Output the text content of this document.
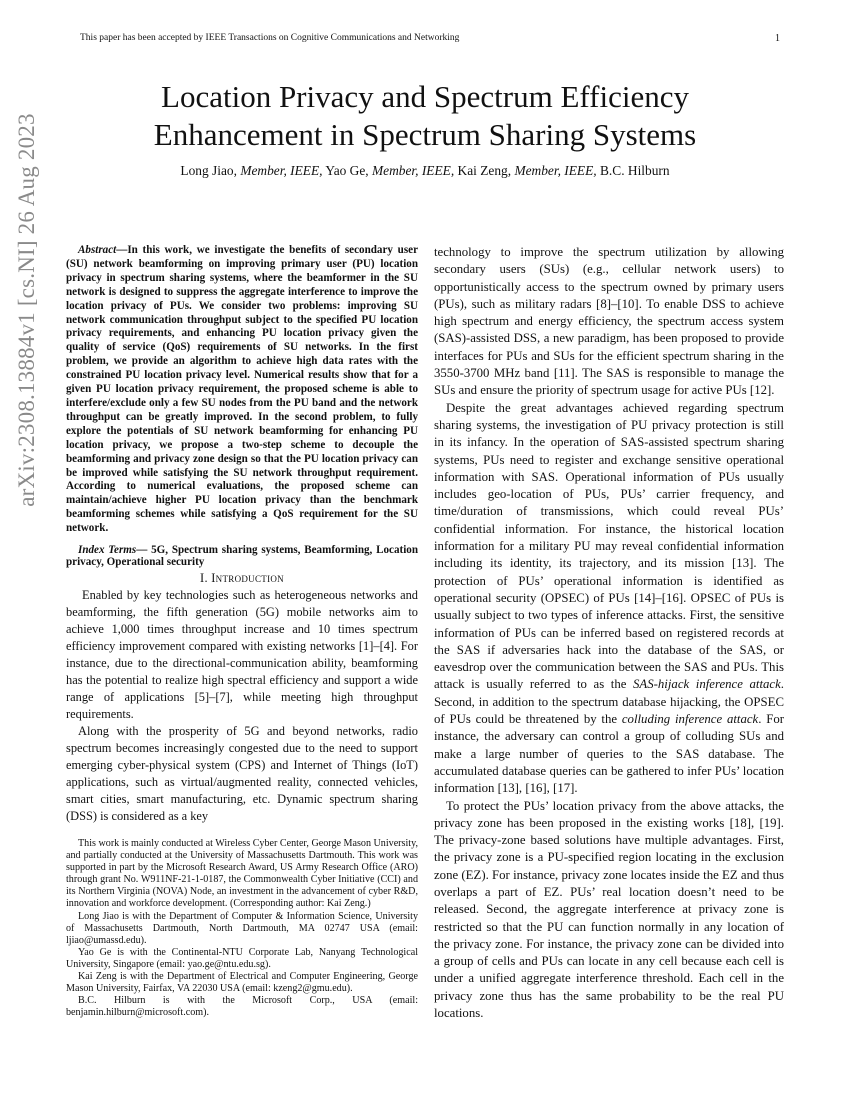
This paper has been accepted by IEEE Transactions on Cognitive Communications and Networking	1
arXiv:2308.13884v1 [cs.NI] 26 Aug 2023
Location Privacy and Spectrum Efficiency
Enhancement in Spectrum Sharing Systems
Long Jiao, Member, IEEE, Yao Ge, Member, IEEE, Kai Zeng, Member, IEEE, B.C. Hilburn

Abstract—In this work, we investigate the benefits of secondary user (SU) network beamforming on improving primary user (PU) location privacy in spectrum sharing systems, where the beamformer in the SU network is designed to suppress the aggregate interference to improve the location privacy of PUs. We consider two problems: improving SU network communication throughput subject to the specified PU location privacy requirements, and enhancing PU location privacy given the quality of service (QoS) requirements of SU networks. In the first problem, we provide an algorithm to achieve high data rates with the constrained PU location privacy level. Numerical results show that for a given PU location privacy requirement, the proposed scheme is able to interfere/exclude only a few SU nodes from the PU band and the network throughput can be greatly improved. In the second problem, to fully explore the potentials of SU network beamforming for enhancing PU location privacy, we propose a two-step scheme to decouple the beamforming and privacy zone design so that the PU location privacy can be improved while satisfying the SU network throughput requirement. According to numerical evaluations, the proposed scheme can maintain/achieve higher PU location privacy than the benchmark beamforming schemes while satisfying a QoS requirement for the SU network.

Index Terms— 5G, Spectrum sharing systems, Beamforming, Location privacy, Operational security

I. Introduction

Enabled by key technologies such as heterogeneous networks and beamforming, the fifth generation (5G) mobile networks aim to achieve 1,000 times throughput increase and 10 times spectrum efficiency improvement compared with existing networks [1]–[4]. For instance, due to the directional-communication ability, beamforming has the potential to realize high spectral efficiency and support a wide range of applications [5]–[7], while meeting high throughput requirements.

Along with the prosperity of 5G and beyond networks, radio spectrum becomes increasingly congested due to the need to support emerging cyber-physical system (CPS) and Internet of Things (IoT) applications, such as virtual/augmented reality, connected vehicles, smart cities, smart manufacturing, etc. Dynamic spectrum sharing (DSS) is considered as a key

This work is mainly conducted at Wireless Cyber Center, George Mason University, and partially conducted at the University of Massachusetts Dartmouth. This work was supported in part by the Microsoft Research Award, US Army Research Office (ARO) through grant No. W911NF-21-1-0187, the Commonwealth Cyber Initiative (CCI) and its Northern Virginia (NOVA) Node, an investment in the advancement of cyber R&D, innovation and workforce development. (Corresponding author: Kai Zeng.)

Long Jiao is with the Department of Computer & Information Science, University of Massachusetts Dartmouth, North Dartmouth, MA 02747 USA (email: ljiao@umassd.edu).

Yao Ge is with the Continental-NTU Corporate Lab, Nanyang Technological University, Singapore (email: yao.ge@ntu.edu.sg).

Kai Zeng is with the Department of Electrical and Computer Engineering, George Mason University, Fairfax, VA 22030 USA (email: kzeng2@gmu.edu).

B.C. Hilburn is with the Microsoft Corp., USA (email: benjamin.hilburn@microsoft.com).

technology to improve the spectrum utilization by allowing secondary users (SUs) (e.g., cellular network users) to opportunistically access to the spectrum owned by primary users (PUs), such as military radars [8]–[10]. To enable DSS to achieve high spectrum and energy efficiency, the spectrum access system (SAS)-assisted DSS, a new paradigm, has been proposed to provide interfaces for PUs and SUs for the efficient spectrum sharing in the 3550-3700 MHz band [11]. The SAS is responsible to manage the SUs and ensure the priority of spectrum usage for active PUs [12].

Despite the great advantages achieved regarding spectrum sharing systems, the investigation of PU privacy protection is still in its infancy. In the operation of SAS-assisted spectrum sharing systems, PUs need to register and exchange sensitive operational information with SAS. Operational information of PUs usually includes geo-location of PUs, PUs’ carrier frequency, and time/duration of transmissions, which could reveal PUs’ confidential information. For instance, the historical location information for a military PU may reveal confidential information including its identity, its trajectory, and its mission [13]. The protection of PUs’ operational information is identified as operational security (OPSEC) of PUs [14]–[16]. OPSEC of PUs is usually subject to two types of inference attacks. First, the sensitive information of PUs can be inferred based on registered records at the SAS if adversaries hack into the database of the SAS, or eavesdrop over the communication between the SAS and PUs. This attack is usually referred to as the SAS-hijack inference attack. Second, in addition to the spectrum database hijacking, the OPSEC of PUs could be threatened by the colluding inference attack. For instance, the adversary can control a group of colluding SUs and make a large number of queries to the SAS database. The accumulated database queries can be gathered to infer PUs’ location information [13], [16], [17].

To protect the PUs’ location privacy from the above attacks, the privacy zone has been proposed in the existing works [18], [19]. The privacy-zone based solutions have multiple advantages. First, the privacy zone is a PU-specified region locating in the exclusion zone (EZ). For instance, privacy zone locates inside the EZ and thus overlaps a part of EZ. PUs’ real location doesn’t need to be released. Second, the aggregate interference at privacy zone is restricted so that the PU can function normally in any location of the privacy zone. For instance, the privacy zone can be divided into a group of cells and PUs can locate in any cell because each cell is under a unified aggregate interference threshold. Each cell in the privacy zone thus has the same probability to be the real PU locations.
